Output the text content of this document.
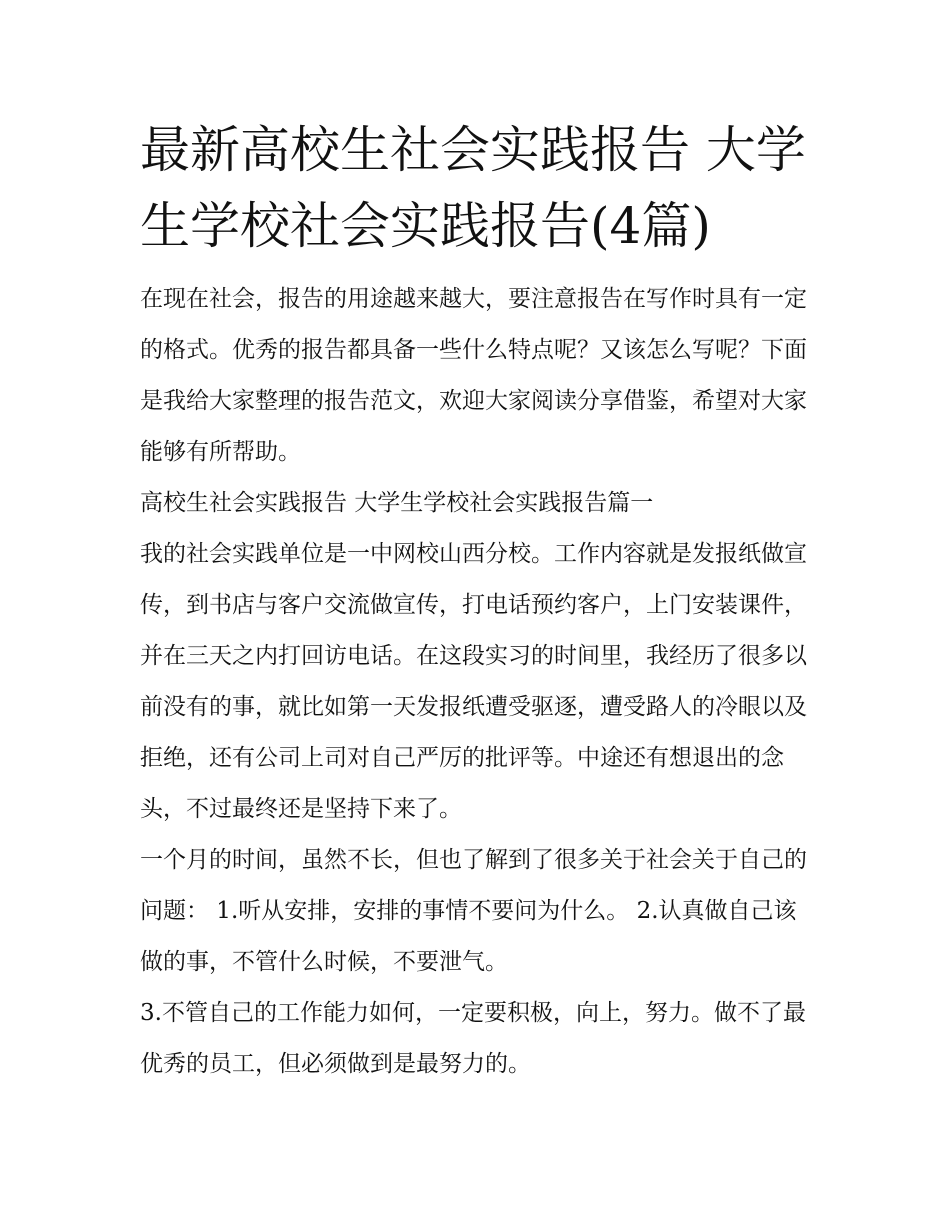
最新高校生社会实践报告 大学生学校社会实践报告(4篇)

在现在社会，报告的用途越来越大，要注意报告在写作时具有一定的格式。优秀的报告都具备一些什么特点呢？又该怎么写呢？下面是我给大家整理的报告范文，欢迎大家阅读分享借鉴，希望对大家能够有所帮助。

高校生社会实践报告 大学生学校社会实践报告篇一

我的社会实践单位是一中网校山西分校。工作内容就是发报纸做宣传，到书店与客户交流做宣传，打电话预约客户，上门安装课件，并在三天之内打回访电话。在这段实习的时间里，我经历了很多以前没有的事，就比如第一天发报纸遭受驱逐，遭受路人的冷眼以及拒绝，还有公司上司对自己严厉的批评等。中途还有想退出的念头，不过最终还是坚持下来了。

一个月的时间，虽然不长，但也了解到了很多关于社会关于自己的问题： 1.听从安排，安排的事情不要问为什么。 2.认真做自己该做的事，不管什么时候，不要泄气。

3.不管自己的工作能力如何，一定要积极，向上，努力。做不了最优秀的员工，但必须做到是最努力的。
